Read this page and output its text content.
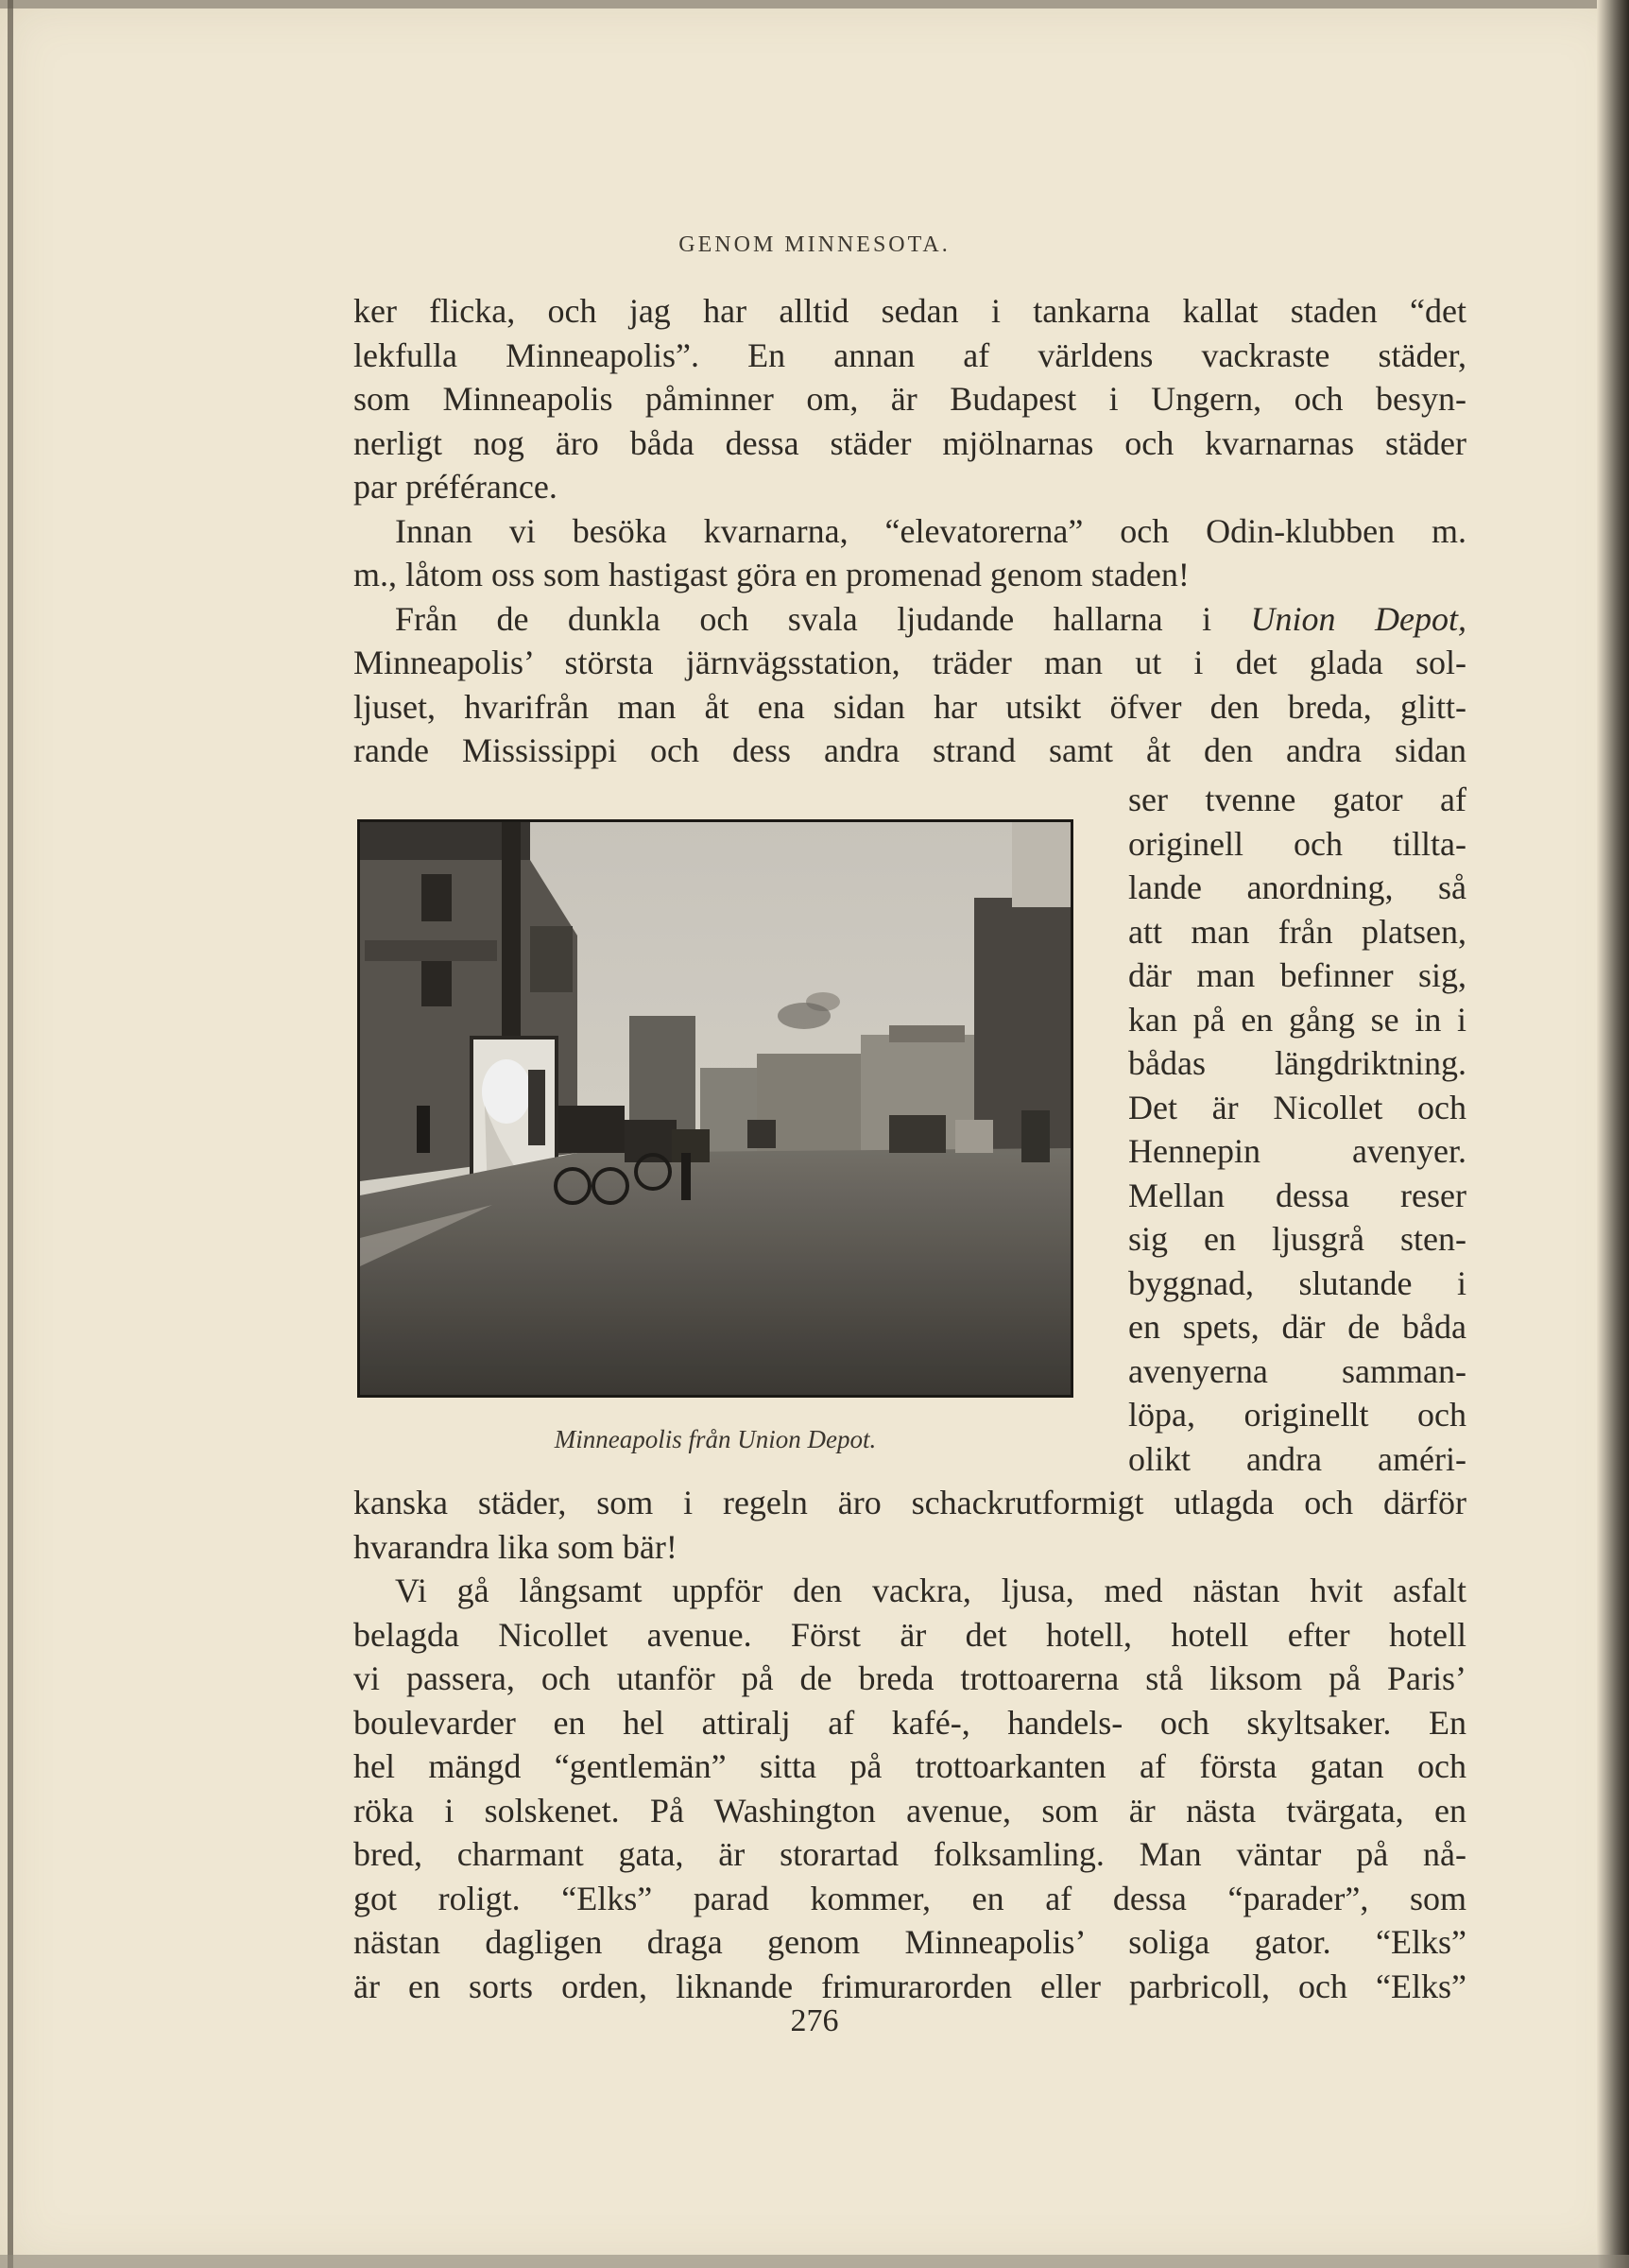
GENOM MINNESOTA.
ker flicka, och jag har alltid sedan i tankarna kallat staden “det
lekfulla Minneapolis”. En annan af världens vackraste städer,
som Minneapolis påminner om, är Budapest i Ungern, och besyn-
nerligt nog äro båda dessa städer mjölnarnas och kvarnarnas städer
par préférance.
Innan vi besöka kvarnarna, “elevatorerna” och Odin-klubben m.
m., låtom oss som hastigast göra en promenad genom staden!
Från de dunkla och svala ljudande hallarna i Union Depot,
Minneapolis’ största järnvägsstation, träder man ut i det glada sol-
ljuset, hvarifrån man åt ena sidan har utsikt öfver den breda, glitt-
rande Mississippi och dess andra strand samt åt den andra sidan
ser tvenne gator af
originell och tillta-
lande anordning, så
att man från platsen,
där man befinner sig,
kan på en gång se in i
bådas längdriktning.
Det är Nicollet och
Hennepin avenyer.
Mellan dessa reser
sig en ljusgrå sten-
byggnad, slutande i
en spets, där de båda
avenyerna samman-
löpa, originellt och
olikt andra améri-
Minneapolis från Union Depot.
kanska städer, som i regeln äro schackrutformigt utlagda och därför
hvarandra lika som bär!
Vi gå långsamt uppför den vackra, ljusa, med nästan hvit asfalt
belagda Nicollet avenue. Först är det hotell, hotell efter hotell
vi passera, och utanför på de breda trottoarerna stå liksom på Paris’
boulevarder en hel attiralj af kafé-, handels- och skyltsaker. En
hel mängd “gentlemän” sitta på trottoarkanten af första gatan och
röka i solskenet. På Washington avenue, som är nästa tvärgata, en
bred, charmant gata, är storartad folksamling. Man väntar på nå-
got roligt. “Elks” parad kommer, en af dessa “parader”, som
nästan dagligen draga genom Minneapolis’ soliga gator. “Elks”
är en sorts orden, liknande frimurarorden eller parbricoll, och “Elks”
276
